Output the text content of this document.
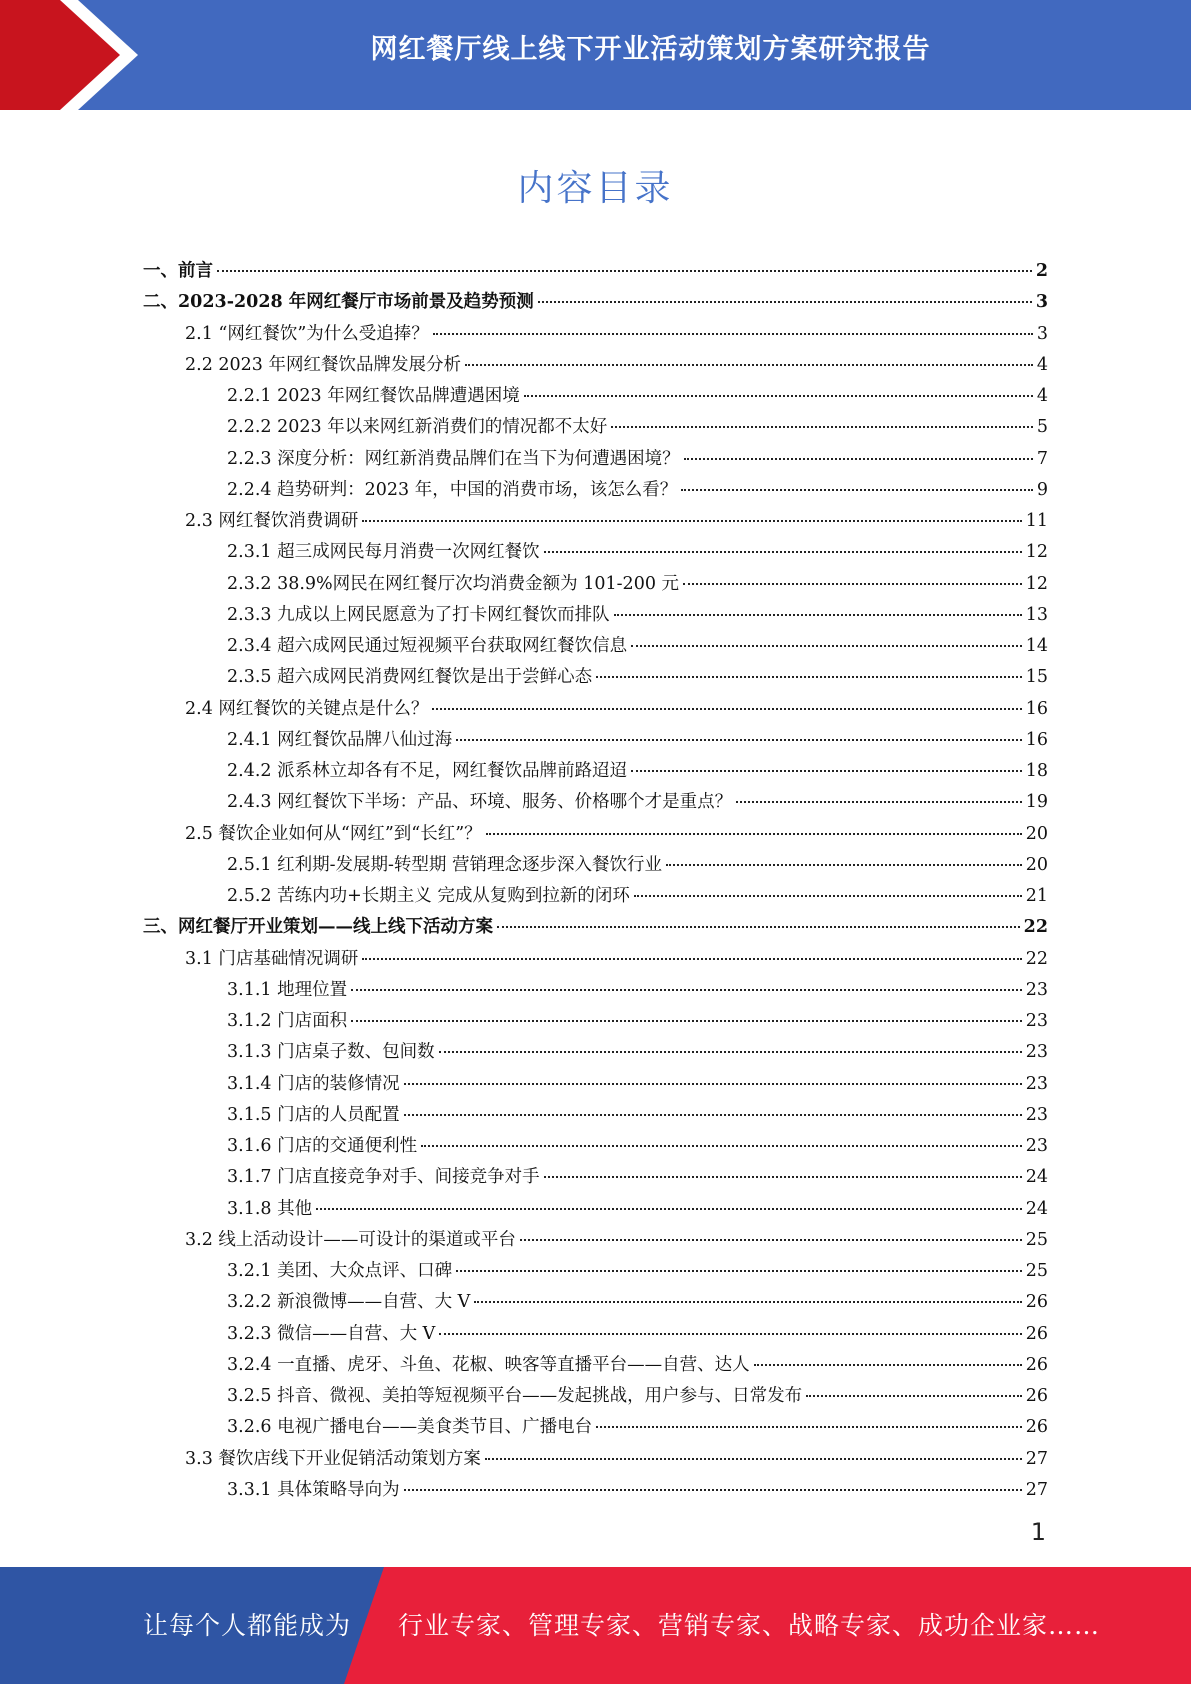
网红餐厅线上线下开业活动策划方案研究报告
内容目录
一、前言	2
二、2023-2028 年网红餐厅市场前景及趋势预测	3
2.1 “网红餐饮”为什么受追捧？	3
2.2 2023 年网红餐饮品牌发展分析	4
2.2.1 2023 年网红餐饮品牌遭遇困境	4
2.2.2 2023 年以来网红新消费们的情况都不太好	5
2.2.3 深度分析：网红新消费品牌们在当下为何遭遇困境？	7
2.2.4 趋势研判：2023 年，中国的消费市场，该怎么看？	9
2.3 网红餐饮消费调研	11
2.3.1 超三成网民每月消费一次网红餐饮	12
2.3.2 38.9%网民在网红餐厅次均消费金额为 101-200 元	12
2.3.3 九成以上网民愿意为了打卡网红餐饮而排队	13
2.3.4 超六成网民通过短视频平台获取网红餐饮信息	14
2.3.5 超六成网民消费网红餐饮是出于尝鲜心态	15
2.4 网红餐饮的关键点是什么？	16
2.4.1 网红餐饮品牌八仙过海	16
2.4.2 派系林立却各有不足，网红餐饮品牌前路迢迢	18
2.4.3 网红餐饮下半场：产品、环境、服务、价格哪个才是重点？	19
2.5 餐饮企业如何从“网红”到“长红”？	20
2.5.1 红利期-发展期-转型期 营销理念逐步深入餐饮行业	20
2.5.2 苦练内功+长期主义 完成从复购到拉新的闭环	21
三、网红餐厅开业策划——线上线下活动方案	22
3.1 门店基础情况调研	22
3.1.1 地理位置	23
3.1.2 门店面积	23
3.1.3 门店桌子数、包间数	23
3.1.4 门店的装修情况	23
3.1.5 门店的人员配置	23
3.1.6 门店的交通便利性	23
3.1.7 门店直接竞争对手、间接竞争对手	24
3.1.8 其他	24
3.2 线上活动设计——可设计的渠道或平台	25
3.2.1 美团、大众点评、口碑	25
3.2.2 新浪微博——自营、大 V	26
3.2.3 微信——自营、大 V	26
3.2.4 一直播、虎牙、斗鱼、花椒、映客等直播平台——自营、达人	26
3.2.5 抖音、微视、美拍等短视频平台——发起挑战，用户参与、日常发布	26
3.2.6 电视广播电台——美食类节目、广播电台	26
3.3 餐饮店线下开业促销活动策划方案	27
3.3.1 具体策略导向为	27
1
让每个人都能成为 行业专家、管理专家、营销专家、战略专家、成功企业家……
